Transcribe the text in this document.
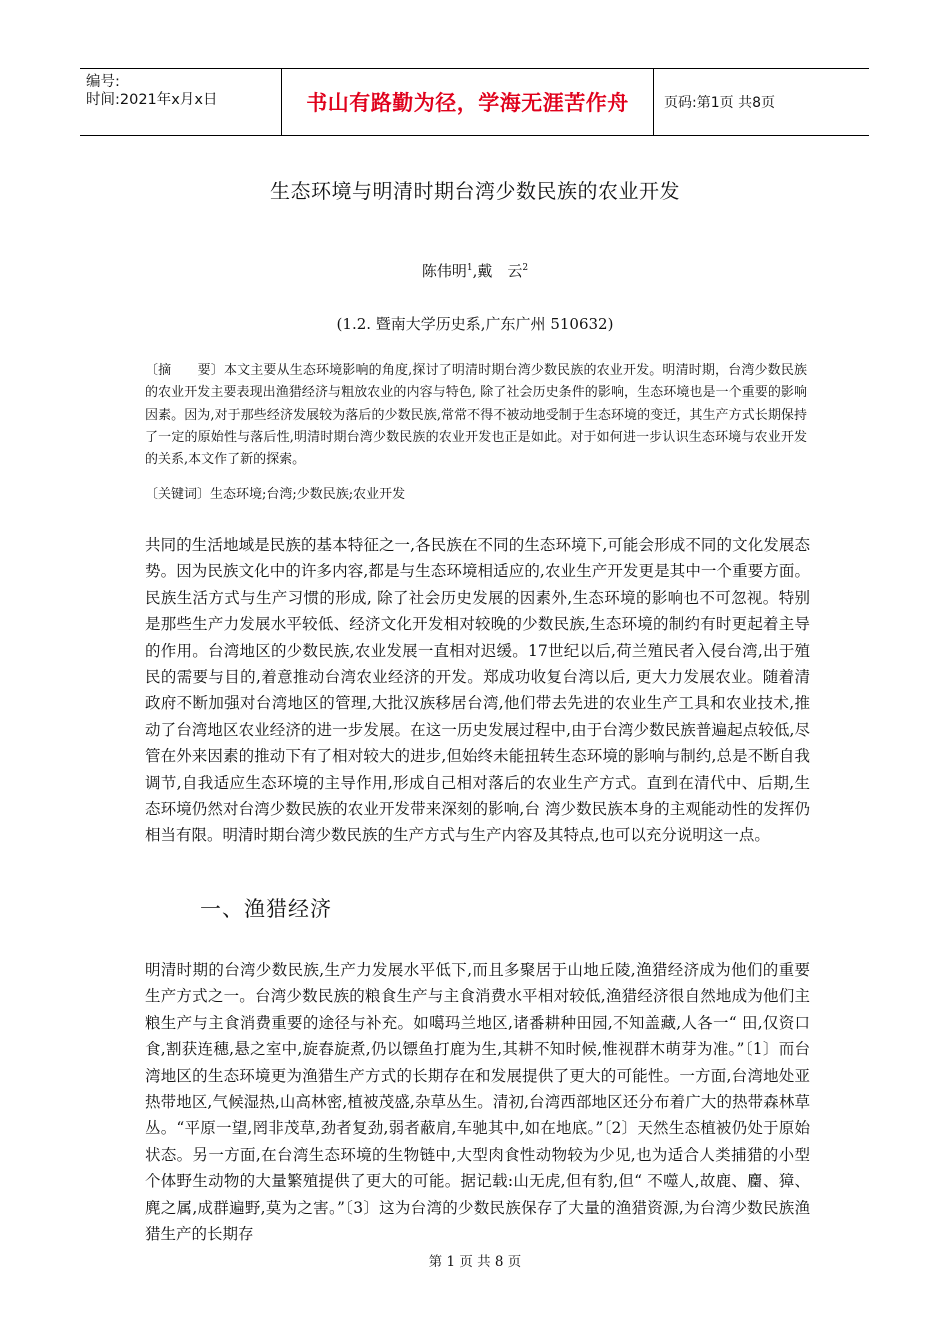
编号:
时间:2021年x月x日	书山有路勤为径，学海无涯苦作舟	页码:第1页 共8页
生态环境与明清时期台湾少数民族的农业开发
陈伟明$^1$,戴　云$^2$
(1.2. 暨南大学历史系,广东广州 510632)
〔摘　　要〕本文主要从生态环境影响的角度,探讨了明清时期台湾少数民族的农业开发。明清时期，台湾少数民族的农业开发主要表现出渔猎经济与粗放农业的内容与特色, 除了社会历史条件的影响，生态环境也是一个重要的影响因素。因为,对于那些经济发展较为落后的少数民族,常常不得不被动地受制于生态环境的变迁，其生产方式长期保持了一定的原始性与落后性,明清时期台湾少数民族的农业开发也正是如此。对于如何进一步认识生态环境与农业开发的关系,本文作了新的探索。
〔关键词〕生态环境;台湾;少数民族;农业开发
共同的生活地域是民族的基本特征之一,各民族在不同的生态环境下,可能会形成不同的文化发展态势。因为民族文化中的许多内容,都是与生态环境相适应的,农业生产开发更是其中一个重要方面。民族生活方式与生产习惯的形成, 除了社会历史发展的因素外,生态环境的影响也不可忽视。特别是那些生产力发展水平较低、经济文化开发相对较晚的少数民族,生态环境的制约有时更起着主导的作用。台湾地区的少数民族,农业发展一直相对迟缓。17世纪以后,荷兰殖民者入侵台湾,出于殖民的需要与目的,着意推动台湾农业经济的开发。郑成功收复台湾以后, 更大力发展农业。随着清政府不断加强对台湾地区的管理,大批汉族移居台湾,他们带去先进的农业生产工具和农业技术,推动了台湾地区农业经济的进一步发展。在这一历史发展过程中,由于台湾少数民族普遍起点较低,尽管在外来因素的推动下有了相对较大的进步,但始终未能扭转生态环境的影响与制约,总是不断自我调节,自我适应生态环境的主导作用,形成自己相对落后的农业生产方式。直到在清代中、后期,生态环境仍然对台湾少数民族的农业开发带来深刻的影响,台 湾少数民族本身的主观能动性的发挥仍相当有限。明清时期台湾少数民族的生产方式与生产内容及其特点,也可以充分说明这一点。
一、渔猎经济
明清时期的台湾少数民族,生产力发展水平低下,而且多聚居于山地丘陵,渔猎经济成为他们的重要生产方式之一。台湾少数民族的粮食生产与主食消费水平相对较低,渔猎经济很自然地成为他们主粮生产与主食消费重要的途径与补充。如噶玛兰地区,诸番耕种田园,不知盖藏,人各一“ 田,仅资口食,割获连穗,悬之室中,旋舂旋煮,仍以镖鱼打鹿为生,其耕不知时候,惟视群木萌芽为准。”〔1〕而台湾地区的生态环境更为渔猎生产方式的长期存在和发展提供了更大的可能性。一方面,台湾地处亚热带地区,气候湿热,山高林密,植被茂盛,杂草丛生。清初,台湾西部地区还分布着广大的热带森林草丛。“平原一望,罔非茂草,劲者复劲,弱者蔽肩,车驰其中,如在地底。”〔2〕天然生态植被仍处于原始状态。另一方面,在台湾生态环境的生物链中,大型肉食性动物较为少见,也为适合人类捕猎的小型个体野生动物的大量繁殖提供了更大的可能。据记载:山无虎,但有豹,但“ 不噬人,故鹿、麕、獐、麂之属,成群遍野,莫为之害。”〔3〕这为台湾的少数民族保存了大量的渔猎资源,为台湾少数民族渔猎生产的长期存
第 1 页 共 8 页
